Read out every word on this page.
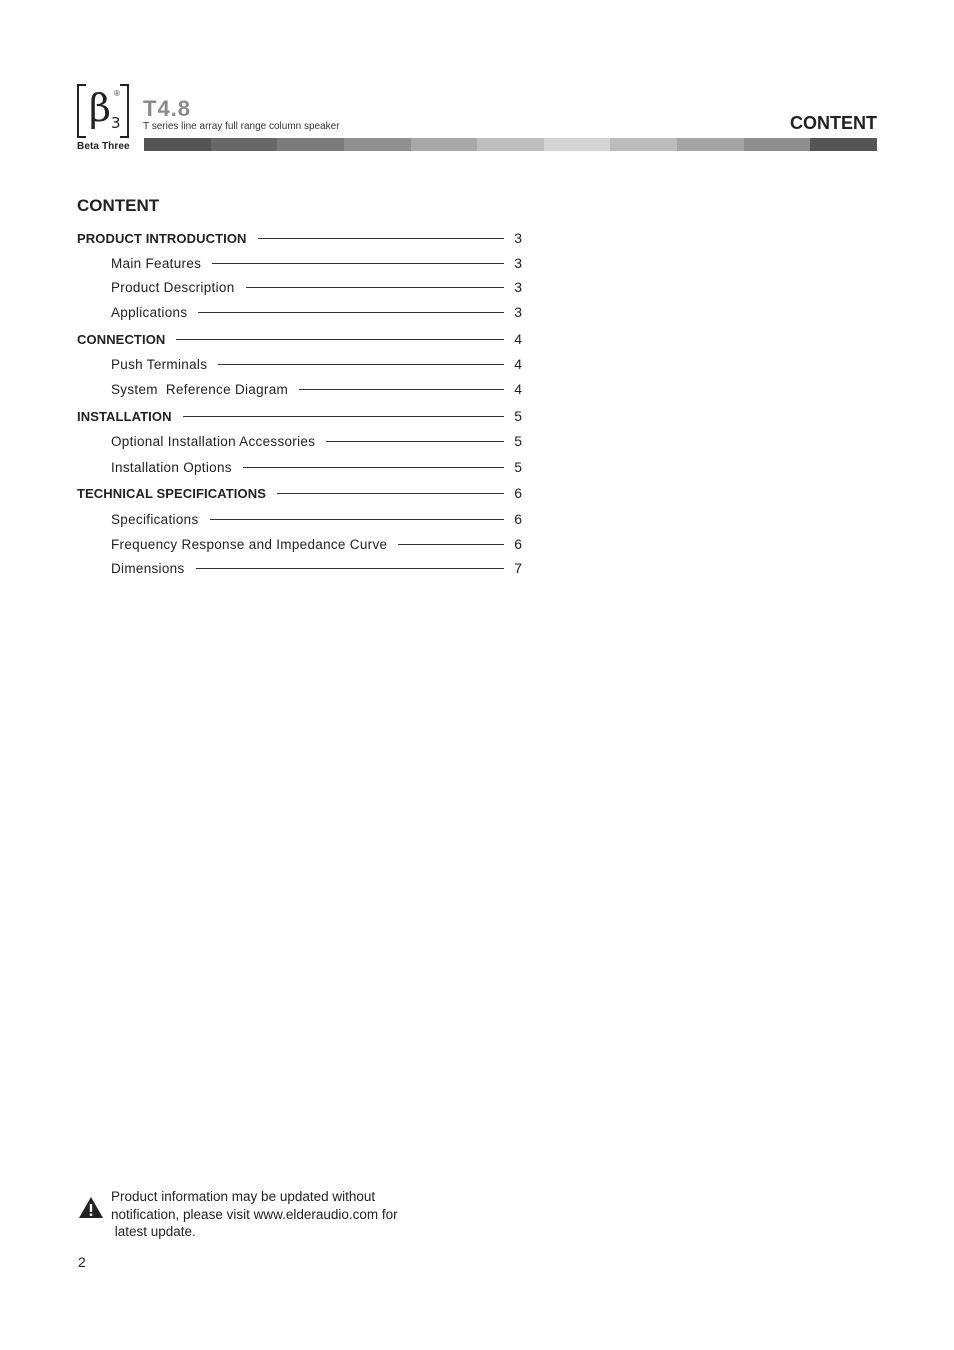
β 3
®
Beta Three
T4.8
T series line array full range column speaker	CONTENT
CONTENT
PRODUCT INTRODUCTION	3
Main Features	3
Product Description	3
Applications	3
CONNECTION	4
Push Terminals	4
System  Reference Diagram	4
INSTALLATION	5
Optional Installation Accessories	5
Installation Options	5
TECHNICAL SPECIFICATIONS	6
Specifications	6
Frequency Response and Impedance Curve	6
Dimensions	7
Product information may be updated without
notification, please visit www.elderaudio.com for
latest update.
2
